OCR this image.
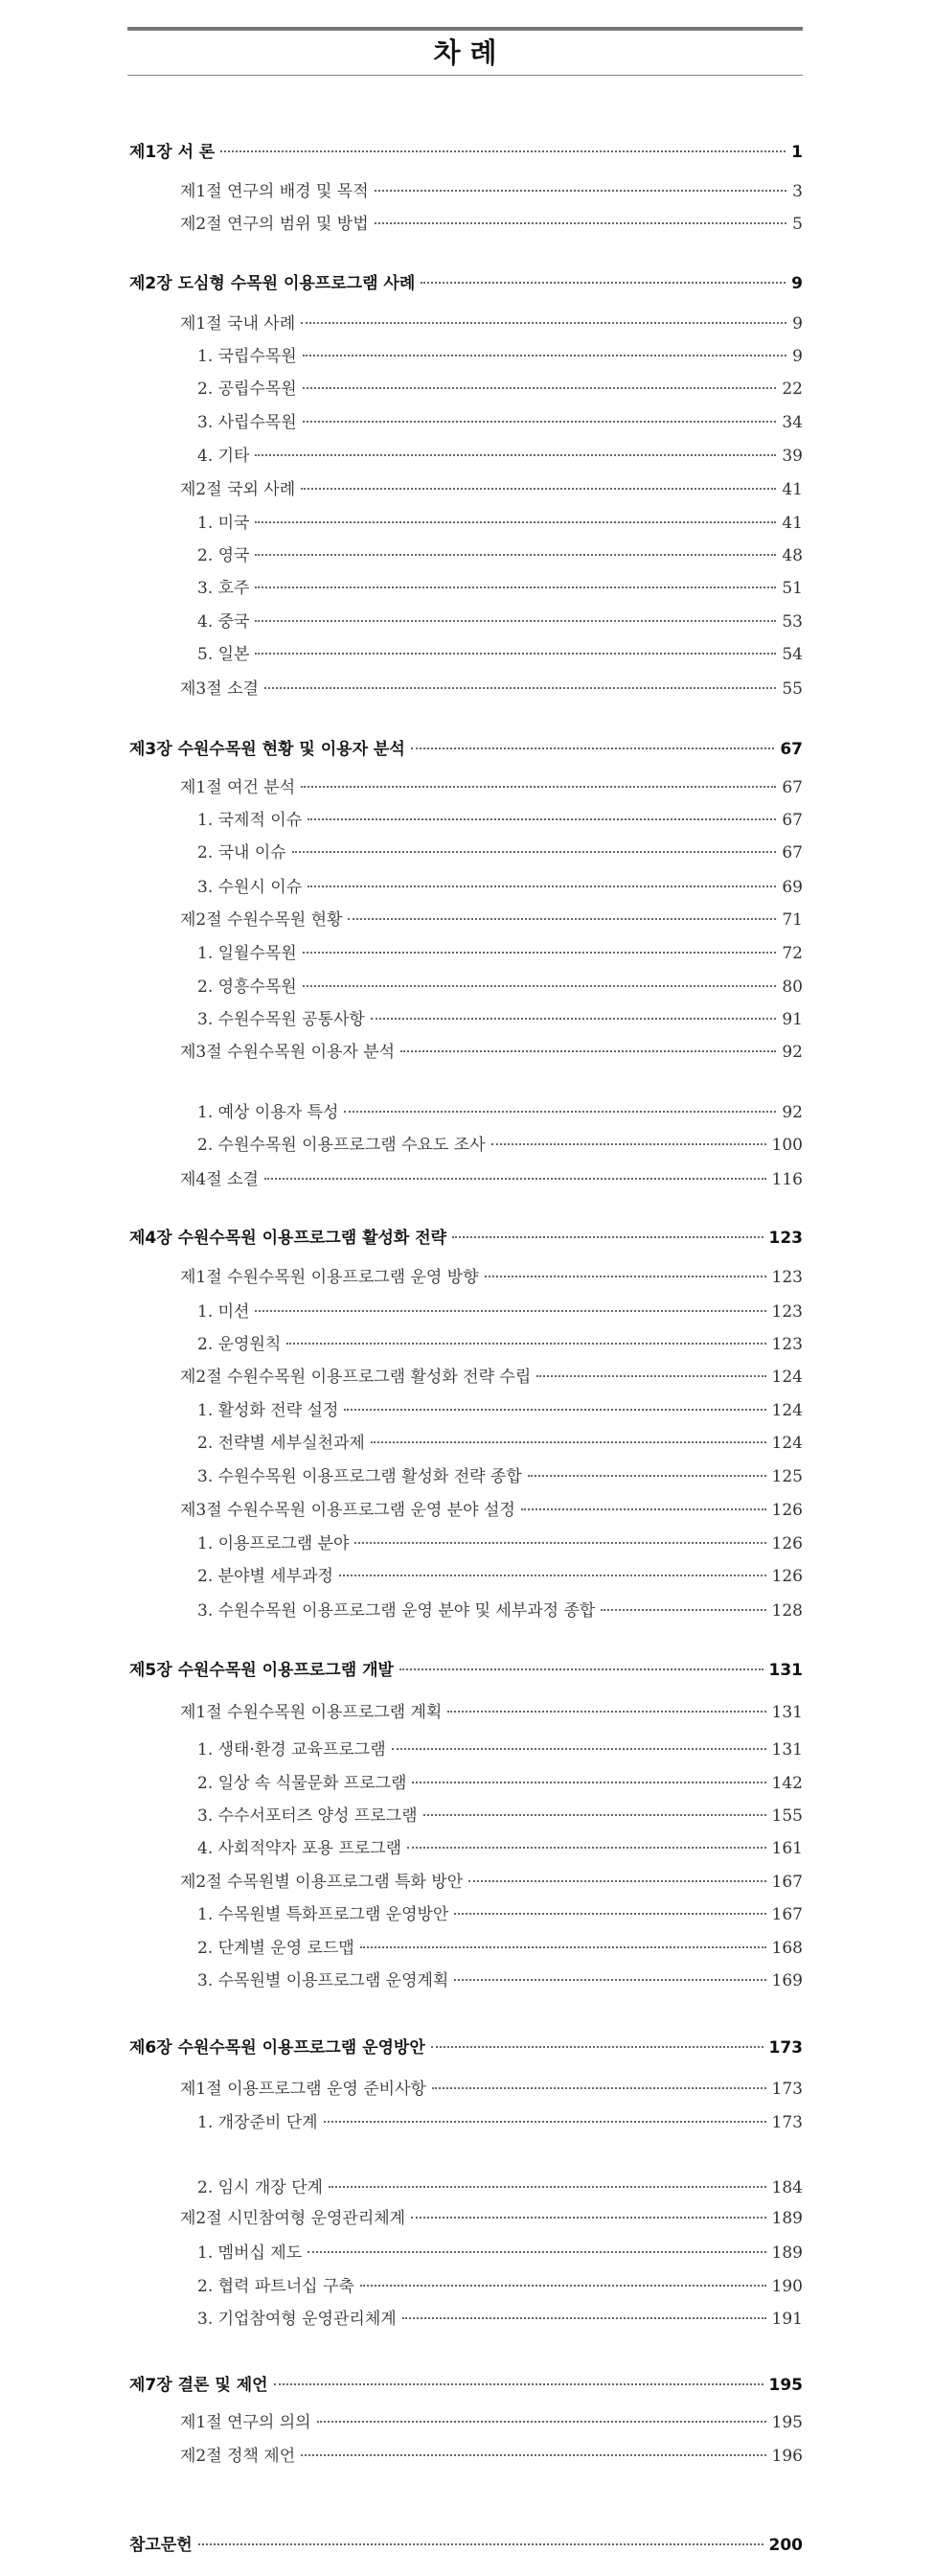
차 례
제1장 서 론	1
제1절 연구의 배경 및 목적	3
제2절 연구의 범위 및 방법	5
제2장 도심형 수목원 이용프로그램 사례	9
제1절 국내 사례	9
1. 국립수목원	9
2. 공립수목원	22
3. 사립수목원	34
4. 기타	39
제2절 국외 사례	41
1. 미국	41
2. 영국	48
3. 호주	51
4. 중국	53
5. 일본	54
제3절 소결	55
제3장 수원수목원 현황 및 이용자 분석	67
제1절 여건 분석	67
1. 국제적 이슈	67
2. 국내 이슈	67
3. 수원시 이슈	69
제2절 수원수목원 현황	71
1. 일월수목원	72
2. 영흥수목원	80
3. 수원수목원 공통사항	91
제3절 수원수목원 이용자 분석	92
1. 예상 이용자 특성	92
2. 수원수목원 이용프로그램 수요도 조사	100
제4절 소결	116
제4장 수원수목원 이용프로그램 활성화 전략	123
제1절 수원수목원 이용프로그램 운영 방향	123
1. 미션	123
2. 운영원칙	123
제2절 수원수목원 이용프로그램 활성화 전략 수립	124
1. 활성화 전략 설정	124
2. 전략별 세부실천과제	124
3. 수원수목원 이용프로그램 활성화 전략 종합	125
제3절 수원수목원 이용프로그램 운영 분야 설정	126
1. 이용프로그램 분야	126
2. 분야별 세부과정	126
3. 수원수목원 이용프로그램 운영 분야 및 세부과정 종합	128
제5장 수원수목원 이용프로그램 개발	131
제1절 수원수목원 이용프로그램 계획	131
1. 생태·환경 교육프로그램	131
2. 일상 속 식물문화 프로그램	142
3. 수수서포터즈 양성 프로그램	155
4. 사회적약자 포용 프로그램	161
제2절 수목원별 이용프로그램 특화 방안	167
1. 수목원별 특화프로그램 운영방안	167
2. 단계별 운영 로드맵	168
3. 수목원별 이용프로그램 운영계획	169
제6장 수원수목원 이용프로그램 운영방안	173
제1절 이용프로그램 운영 준비사항	173
1. 개장준비 단계	173
2. 임시 개장 단계	184
제2절 시민참여형 운영관리체계	189
1. 멤버십 제도	189
2. 협력 파트너십 구축	190
3. 기업참여형 운영관리체계	191
제7장 결론 및 제언	195
제1절 연구의 의의	195
제2절 정책 제언	196
참고문헌	200
